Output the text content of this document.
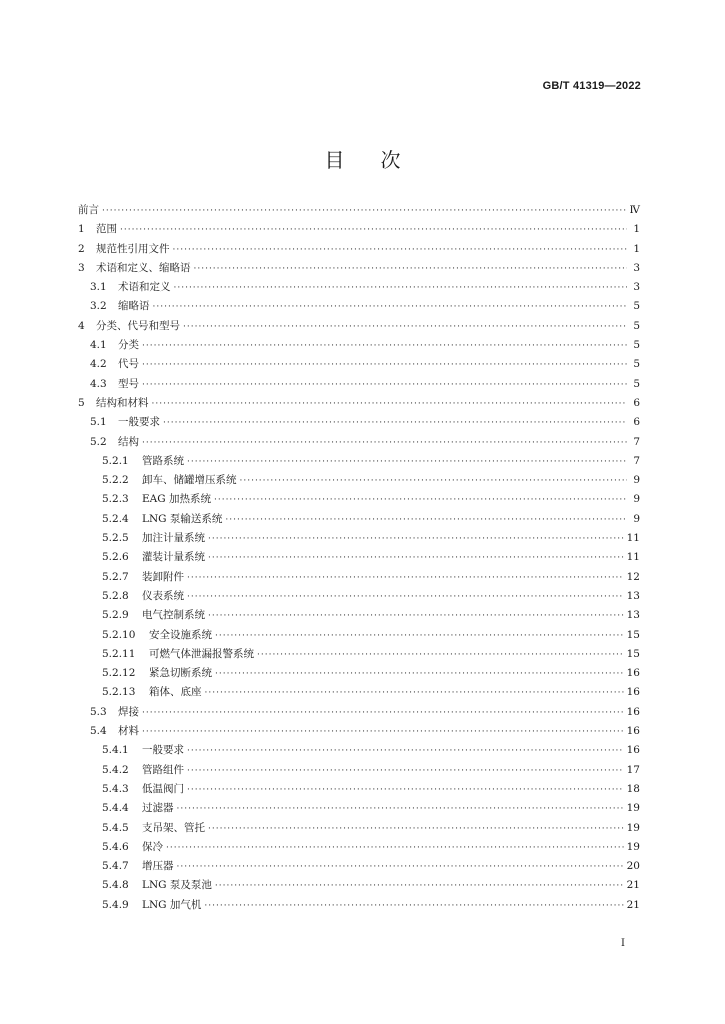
GB/T 41319—2022
目 次
前言 ·····	Ⅳ
1	范围 ·····	1
2	规范性引用文件 ·····	1
3	术语和定义、缩略语 ·····	3
3.1	术语和定义 ·····	3
3.2	缩略语 ·····	5
4	分类、代号和型号 ·····	5
4.1	分类 ·····	5
4.2	代号 ·····	5
4.3	型号 ·····	5
5	结构和材料 ·····	6
5.1	一般要求 ·····	6
5.2	结构 ·····	7
5.2.1	管路系统 ·····	7
5.2.2	卸车、储罐增压系统 ·····	9
5.2.3	EAG 加热系统 ·····	9
5.2.4	LNG 泵输送系统 ·····	9
5.2.5	加注计量系统 ·····	11
5.2.6	灌装计量系统 ·····	11
5.2.7	装卸附件 ·····	12
5.2.8	仪表系统 ·····	13
5.2.9	电气控制系统 ·····	13
5.2.10	安全设施系统 ·····	15
5.2.11	可燃气体泄漏报警系统 ·····	15
5.2.12	紧急切断系统 ·····	16
5.2.13	箱体、底座 ·····	16
5.3	焊接 ·····	16
5.4	材料 ·····	16
5.4.1	一般要求 ·····	16
5.4.2	管路组件 ·····	17
5.4.3	低温阀门 ·····	18
5.4.4	过滤器 ·····	19
5.4.5	支吊架、管托 ·····	19
5.4.6	保冷 ·····	19
5.4.7	增压器 ·····	20
5.4.8	LNG 泵及泵池 ·····	21
5.4.9	LNG 加气机 ·····	21
I
